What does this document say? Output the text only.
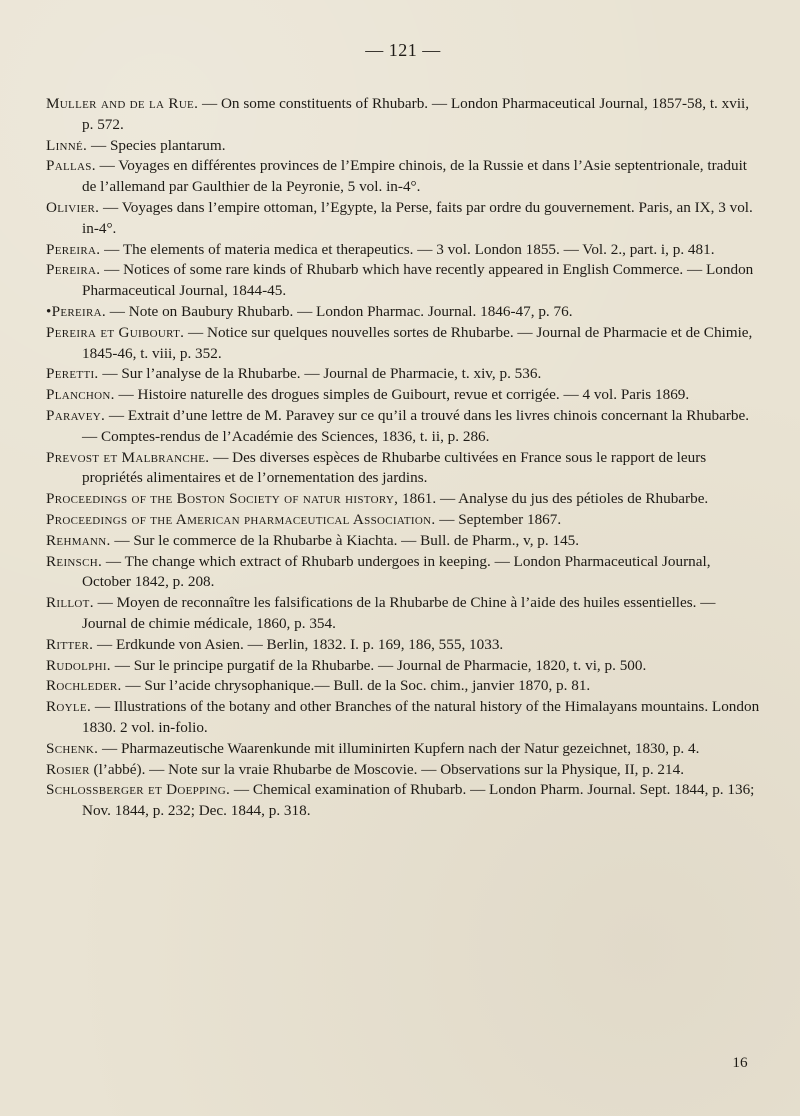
— 121 —

Muller and de la Rue. — On some constituents of Rhubarb. — London Pharmaceutical Journal, 1857-58, t. xvii, p. 572.

Linné. — Species plantarum.

Pallas. — Voyages en différentes provinces de l’Empire chinois, de la Russie et dans l’Asie septentrionale, traduit de l’allemand par Gaulthier de la Peyronie, 5 vol. in-4°.

Olivier. — Voyages dans l’empire ottoman, l’Egypte, la Perse, faits par ordre du gouvernement. Paris, an IX, 3 vol. in-4°.

Pereira. — The elements of materia medica et therapeutics. — 3 vol. London 1855. — Vol. 2., part. i, p. 481.

Pereira. — Notices of some rare kinds of Rhubarb which have recently appeared in English Commerce. — London Pharmaceutical Journal, 1844-45.

•Pereira. — Note on Baubury Rhubarb. — London Pharmac. Journal. 1846-47, p. 76.

Pereira et Guibourt. — Notice sur quelques nouvelles sortes de Rhubarbe. — Journal de Pharmacie et de Chimie, 1845-46, t. viii, p. 352.

Peretti. — Sur l’analyse de la Rhubarbe. — Journal de Pharmacie, t. xiv, p. 536.

Planchon. — Histoire naturelle des drogues simples de Guibourt, revue et corrigée. — 4 vol. Paris 1869.

Paravey. — Extrait d’une lettre de M. Paravey sur ce qu’il a trouvé dans les livres chinois concernant la Rhubarbe. — Comptes-rendus de l’Académie des Sciences, 1836, t. ii, p. 286.

Prevost et Malbranche. — Des diverses espèces de Rhubarbe cultivées en France sous le rapport de leurs propriétés alimentaires et de l’ornementation des jardins.

Proceedings of the Boston Society of natur history, 1861. — Analyse du jus des pétioles de Rhubarbe.

Proceedings of the American pharmaceutical Association. — September 1867.

Rehmann. — Sur le commerce de la Rhubarbe à Kiachta. — Bull. de Pharm., v, p. 145.

Reinsch. — The change which extract of Rhubarb undergoes in keeping. — London Pharmaceutical Journal, October 1842, p. 208.

Rillot. — Moyen de reconnaître les falsifications de la Rhubarbe de Chine à l’aide des huiles essentielles. — Journal de chimie médicale, 1860, p. 354.

Ritter. — Erdkunde von Asien. — Berlin, 1832. I. p. 169, 186, 555, 1033.

Rudolphi. — Sur le principe purgatif de la Rhubarbe. — Journal de Pharmacie, 1820, t. vi, p. 500.

Rochleder. — Sur l’acide chrysophanique.— Bull. de la Soc. chim., janvier 1870, p. 81.

Royle. — Illustrations of the botany and other Branches of the natural history of the Himalayans mountains. London 1830. 2 vol. in-folio.

Schenk. — Pharmazeutische Waarenkunde mit illuminirten Kupfern nach der Natur gezeichnet, 1830, p. 4.

Rosier (l’abbé). — Note sur la vraie Rhubarbe de Moscovie. — Observations sur la Physique, II, p. 214.

Schlossberger et Doepping. — Chemical examination of Rhubarb. — London Pharm. Journal. Sept. 1844, p. 136; Nov. 1844, p. 232; Dec. 1844, p. 318.

16
